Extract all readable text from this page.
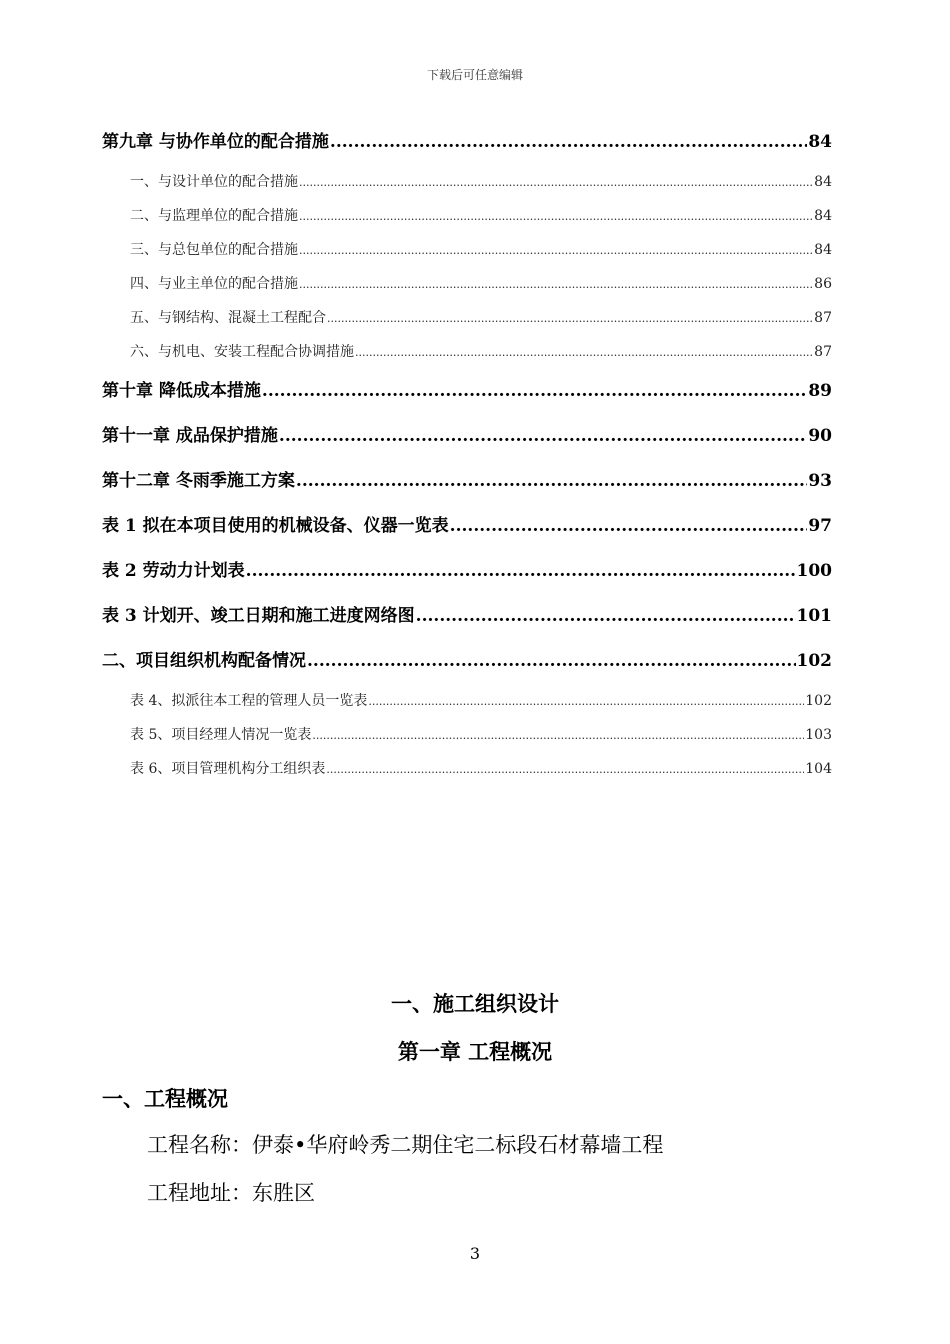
下载后可任意编辑
第九章 与协作单位的配合措施 .....	84
一、与设计单位的配合措施 .....	84
二、与监理单位的配合措施 .....	84
三、与总包单位的配合措施 .....	84
四、与业主单位的配合措施 .....	86
五、与钢结构、混凝土工程配合 .....	87
六、与机电、安装工程配合协调措施 .....	87
第十章 降低成本措施 .....	89
第十一章 成品保护措施 .....	90
第十二章 冬雨季施工方案 .....	93
表 1 拟在本项目使用的机械设备、仪器一览表 .....	97
表 2 劳动力计划表 .....	100
表 3 计划开、竣工日期和施工进度网络图 .....	101
二、项目组织机构配备情况 .....	102
表 4、拟派往本工程的管理人员一览表 .....	102
表 5、项目经理人情况一览表 .....	103
表 6、项目管理机构分工组织表 .....	104
一、施工组织设计
第一章 工程概况
一、工程概况
工程名称：伊泰•华府岭秀二期住宅二标段石材幕墙工程
工程地址：东胜区
3
